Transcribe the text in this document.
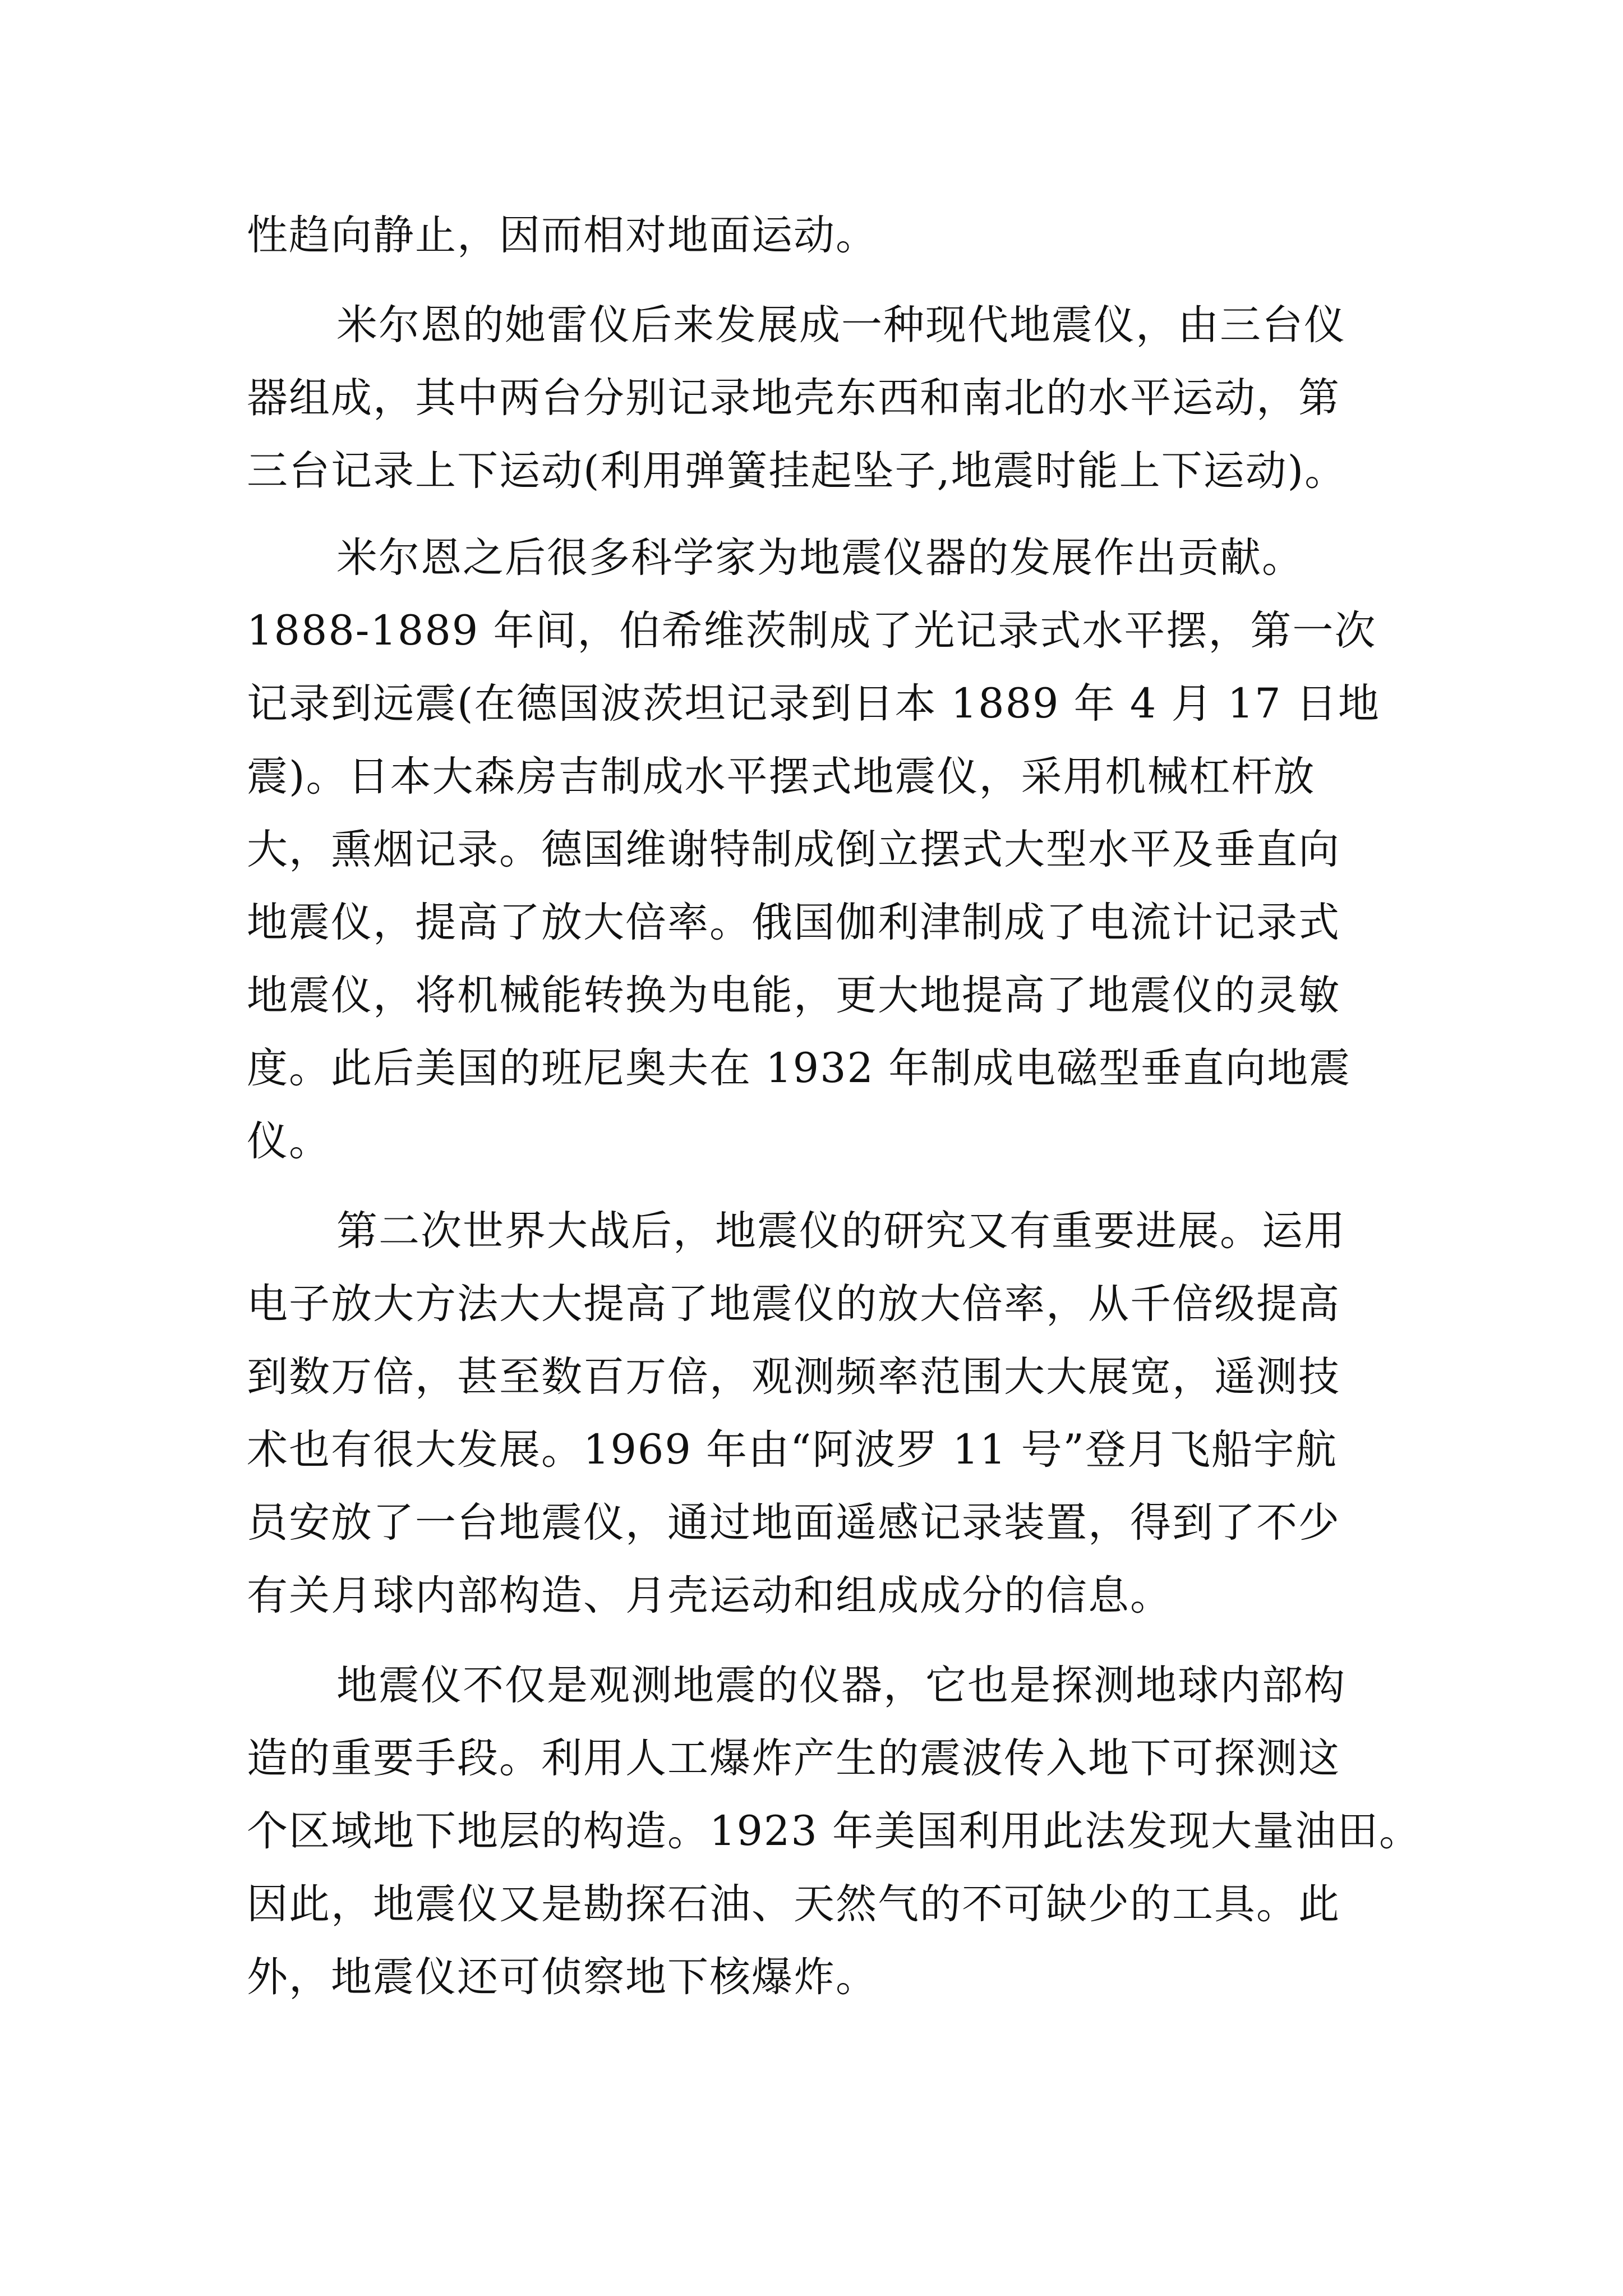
性趋向静止，因而相对地面运动。
米尔恩的她雷仪后来发展成一种现代地震仪，由三台仪
器组成，其中两台分别记录地壳东西和南北的水平运动，第
三台记录上下运动(利用弹簧挂起坠子,地震时能上下运动)。
米尔恩之后很多科学家为地震仪器的发展作出贡献。
1888-1889 年间，伯希维茨制成了光记录式水平摆，第一次
记录到远震(在德国波茨坦记录到日本 1889 年 4 月 17 日地
震)。日本大森房吉制成水平摆式地震仪，采用机械杠杆放
大，熏烟记录。德国维谢特制成倒立摆式大型水平及垂直向
地震仪，提高了放大倍率。俄国伽利津制成了电流计记录式
地震仪，将机械能转换为电能，更大地提高了地震仪的灵敏
度。此后美国的班尼奥夫在 1932 年制成电磁型垂直向地震
仪。
第二次世界大战后，地震仪的研究又有重要进展。运用
电子放大方法大大提高了地震仪的放大倍率，从千倍级提高
到数万倍，甚至数百万倍，观测频率范围大大展宽，遥测技
术也有很大发展。1969 年由“阿波罗 11 号”登月飞船宇航
员安放了一台地震仪，通过地面遥感记录装置，得到了不少
有关月球内部构造、月壳运动和组成成分的信息。
地震仪不仅是观测地震的仪器，它也是探测地球内部构
造的重要手段。利用人工爆炸产生的震波传入地下可探测这
个区域地下地层的构造。1923 年美国利用此法发现大量油田。
因此，地震仪又是勘探石油、天然气的不可缺少的工具。此
外，地震仪还可侦察地下核爆炸。
